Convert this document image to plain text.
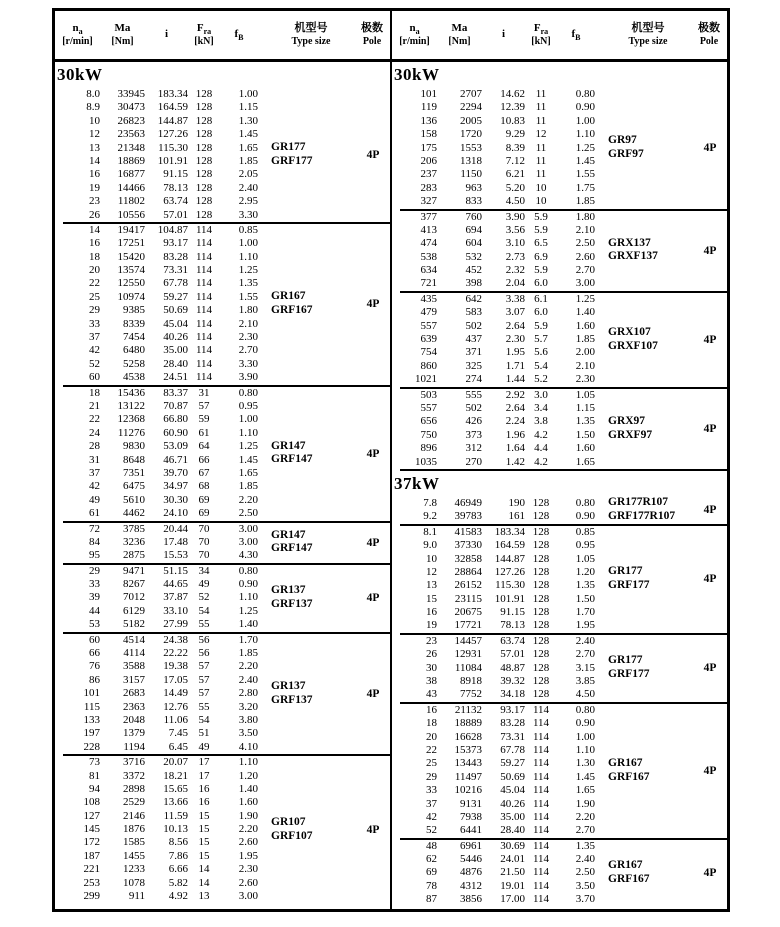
$n_a$
[r/min]
Ma
[Nm]
i
$F_{ra}$
[kN]
$f_B$
机型号
Type size
极数
Pole
30kW
8.0	33945	183.34 128	1.00
8.9	30473	164.59 128	1.15
10	26823	144.87 128	1.30
12	23563	127.26 128	1.45
13	21348	115.30 128	1.65
14	18869	101.91 128	1.85
16	16877	91.15 128	2.05
19	14466	78.13 128	2.40
23	11802	63.74 128	2.95
26	10556	57.01 128	3.30
GR177
GRF177	4P
14	19417	104.87 114	0.85
16	17251	93.17 114	1.00
18	15420	83.28 114	1.10
20	13574	73.31 114	1.25
22	12550	67.78 114	1.35
25	10974	59.27 114	1.55
29	9385	50.69 114	1.80
33	8339	45.04 114	2.10
37	7454	40.26 114	2.30
42	6480	35.00 114	2.70
52	5258	28.40 114	3.30
60	4538	24.51 114	3.90
GR167
GRF167	4P
18	15436	83.37 31	0.80
21	13122	70.87 57	0.95
22	12368	66.80 59	1.00
24	11276	60.90 61	1.10
28	9830	53.09 64	1.25
31	8648	46.71 66	1.45
37	7351	39.70 67	1.65
42	6475	34.97 68	1.85
49	5610	30.30 69	2.20
61	4462	24.10 69	2.50
GR147
GRF147	4P
72	3785	20.44 70	3.00
84	3236	17.48 70	3.00
95	2875	15.53 70	4.30
GR147
GRF147	4P
29	9471	51.15 34	0.80
33	8267	44.65 49	0.90
39	7012	37.87 52	1.10
44	6129	33.10 54	1.25
53	5182	27.99 55	1.40
GR137
GRF137	4P
60	4514	24.38 56	1.70
66	4114	22.22 56	1.85
76	3588	19.38 57	2.20
86	3157	17.05 57	2.40
101	2683	14.49 57	2.80
115	2363	12.76 55	3.20
133	2048	11.06 54	3.80
197	1379	7.45 51	3.50
228	1194	6.45 49	4.10
GR137
GRF137	4P
73	3716	20.07 17	1.10
81	3372	18.21 17	1.20
94	2898	15.65 16	1.40
108	2529	13.66 16	1.60
127	2146	11.59 15	1.90
145	1876	10.13 15	2.20
172	1585	8.56 15	2.60
187	1455	7.86 15	1.95
221	1233	6.66 14	2.30
253	1078	5.82 14	2.60
299	911	4.92 13	3.00
GR107
GRF107	4P
$n_a$
[r/min]
Ma
[Nm]
i
$F_{ra}$
[kN]
$f_B$
机型号
Type size
极数
Pole
30kW
101	2707	14.62 11	0.80
119	2294	12.39 11	0.90
136	2005	10.83 11	1.00
158	1720	9.29 12	1.10
175	1553	8.39 11	1.25
206	1318	7.12 11	1.45
237	1150	6.21 11	1.55
283	963	5.20 10	1.75
327	833	4.50 10	1.85
GR97
GRF97	4P
377	760	3.90 5.9	1.80
413	694	3.56 5.9	2.10
474	604	3.10 6.5	2.50
538	532	2.73 6.9	2.60
634	452	2.32 5.9	2.70
721	398	2.04 6.0	3.00
GRX137
GRXF137	4P
435	642	3.38 6.1	1.25
479	583	3.07 6.0	1.40
557	502	2.64 5.9	1.60
639	437	2.30 5.7	1.85
754	371	1.95 5.6	2.00
860	325	1.71 5.4	2.10
1021	274	1.44 5.2	2.30
GRX107
GRXF107	4P
503	555	2.92 3.0	1.05
557	502	2.64 3.4	1.15
656	426	2.24 3.8	1.35
750	373	1.96 4.2	1.50
896	312	1.64 4.4	1.60
1035	270	1.42 4.2	1.65
GRX97
GRXF97	4P
37kW
7.8	46949	190 128	0.80
9.2	39783	161 128	0.90
GR177R107
GRF177R107	4P
8.1	41583	183.34 128	0.85
9.0	37330	164.59 128	0.95
10	32858	144.87 128	1.05
12	28864	127.26 128	1.20
13	26152	115.30 128	1.35
15	23115	101.91 128	1.50
16	20675	91.15 128	1.70
19	17721	78.13 128	1.95
GR177
GRF177	4P
23	14457	63.74 128	2.40
26	12931	57.01 128	2.70
30	11084	48.87 128	3.15
38	8918	39.32 128	3.85
43	7752	34.18 128	4.50
GR177
GRF177	4P
16	21132	93.17 114	0.80
18	18889	83.28 114	0.90
20	16628	73.31 114	1.00
22	15373	67.78 114	1.10
25	13443	59.27 114	1.30
29	11497	50.69 114	1.45
33	10216	45.04 114	1.65
37	9131	40.26 114	1.90
42	7938	35.00 114	2.20
52	6441	28.40 114	2.70
GR167
GRF167	4P
48	6961	30.69 114	1.35
62	5446	24.01 114	2.40
69	4876	21.50 114	2.50
78	4312	19.01 114	3.50
87	3856	17.00 114	3.70
GR167
GRF167	4P
